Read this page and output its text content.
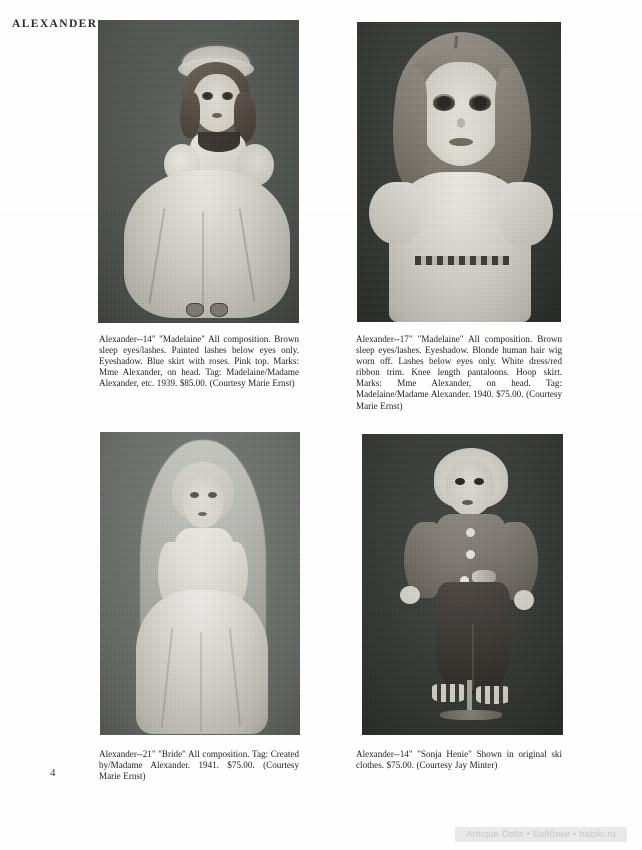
ALEXANDER
Alexander--14" "Madelaine" All composition. Brown sleep eyes/lashes. Painted lashes below eyes only. Eyeshadow. Blue skirt with roses. Pink top. Marks: Mme Alexander, on head. Tag: Madelaine/Madame Alexander, etc. 1939. $85.00. (Courtesy Marie Ernst)
Alexander--17" "Madelaine" All composition. Brown sleep eyes/lashes. Eyeshadow. Blonde human hair wig worn off. Lashes below eyes only. White dress/red ribbon trim. Knee length pantaloons. Hoop skirt. Marks: Mme Alexander, on head. Tag: Madelaine/Madame Alexander. 1940. $75.00. (Courtesy Marie Ernst)
Alexander--21" "Bride" All composition. Tag: Created by/Madame Alexander. 1941. $75.00. (Courtesy Marie Ernst)
Alexander--14" "Sonja Henie" Shown in original ski clothes. $75.00. (Courtesy Jay Minter)
4
Antique-Dolls • Бэйбики • babiki.ru
